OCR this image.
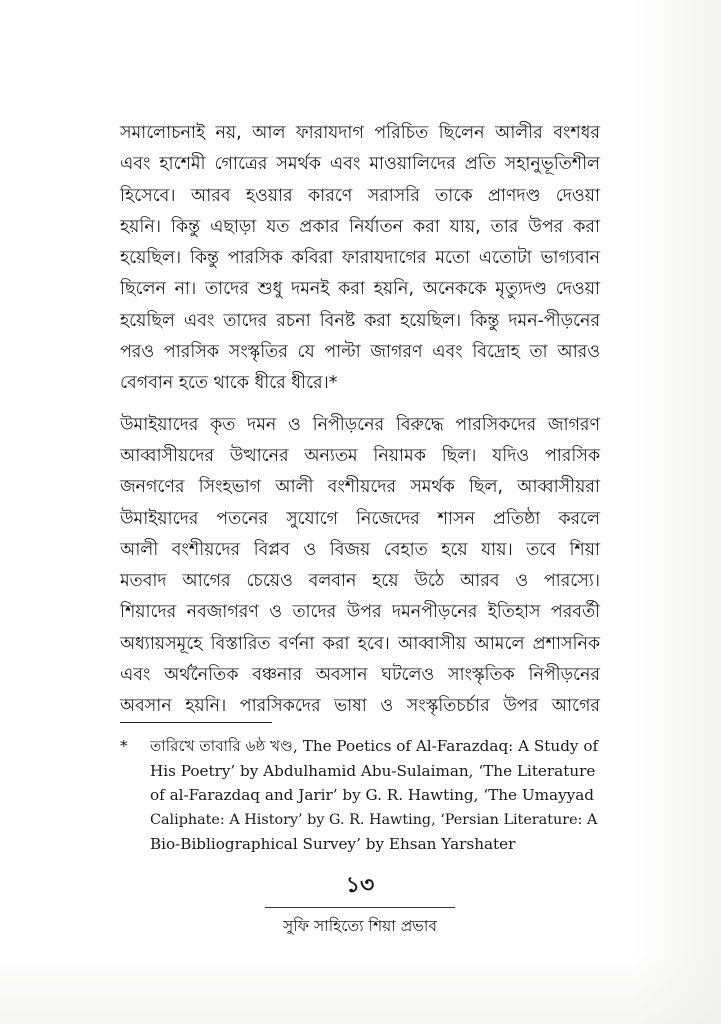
সমালোচনাই নয়, আল ফারাযদাগ পরিচিত ছিলেন আলীর বংশধর
এবং হাশেমী গোত্রের সমর্থক এবং মাওয়ালিদের প্রতি সহানুভূতিশীল
হিসেবে। আরব হওয়ার কারণে সরাসরি তাকে প্রাণদণ্ড দেওয়া
হয়নি। কিন্তু এছাড়া যত প্রকার নির্যাতন করা যায়, তার উপর করা
হয়েছিল। কিন্তু পারসিক কবিরা ফারাযদাগের মতো এতোটা ভাগ্যবান
ছিলেন না। তাদের শুধু দমনই করা হয়নি, অনেককে মৃত্যুদণ্ড দেওয়া
হয়েছিল এবং তাদের রচনা বিনষ্ট করা হয়েছিল। কিন্তু দমন-পীড়নের
পরও পারসিক সংস্কৃতির যে পাল্টা জাগরণ এবং বিদ্রোহ তা আরও
বেগবান হতে থাকে ধীরে ধীরে।*

উমাইয়াদের কৃত দমন ও নিপীড়নের বিরুদ্ধে পারসিকদের জাগরণ
আব্বাসীয়দের উত্থানের অন্যতম নিয়ামক ছিল। যদিও পারসিক
জনগণের সিংহভাগ আলী বংশীয়দের সমর্থক ছিল, আব্বাসীয়রা
উমাইয়াদের পতনের সুযোগে নিজেদের শাসন প্রতিষ্ঠা করলে
আলী বংশীয়দের বিপ্লব ও বিজয় বেহাত হয়ে যায়। তবে শিয়া
মতবাদ আগের চেয়েও বলবান হয়ে উঠে আরব ও পারস্যে।
শিয়াদের নবজাগরণ ও তাদের উপর দমনপীড়নের ইতিহাস পরবর্তী
অধ্যায়সমূহে বিস্তারিত বর্ণনা করা হবে। আব্বাসীয় আমলে প্রশাসনিক
এবং অর্থনৈতিক বঞ্চনার অবসান ঘটলেও সাংস্কৃতিক নিপীড়নের
অবসান হয়নি। পারসিকদের ভাষা ও সংস্কৃতিচর্চার উপর আগের

* তারিখে তাবারি ৬ষ্ঠ খণ্ড, The Poetics of Al-Farazdaq: A Study of
His Poetry’ by Abdulhamid Abu-Sulaiman, ‘The Literature
of al-Farazdaq and Jarir’ by G. R. Hawting, ‘The Umayyad
Caliphate: A History’ by G. R. Hawting, ‘Persian Literature: A
Bio-Bibliographical Survey’ by Ehsan Yarshater
১৩
সুফি সাহিত্যে শিয়া প্রভাব
